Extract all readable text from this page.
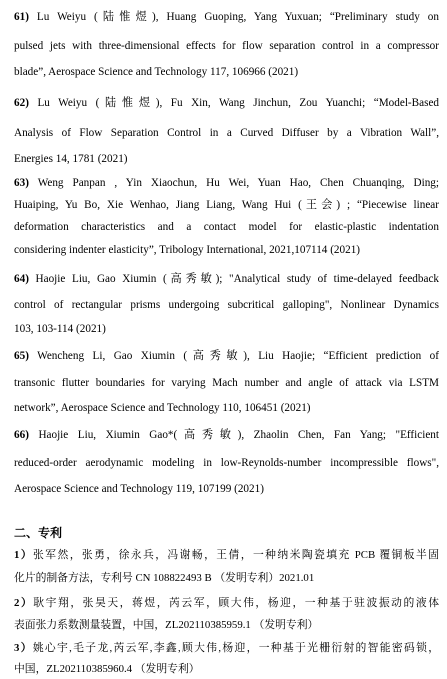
61) Lu Weiyu (陆惟煜), Huang Guoping, Yang Yuxuan; “Preliminary study on
pulsed jets with three-dimensional effects for flow separation control in a compressor
blade”, Aerospace Science and Technology 117, 106966 (2021)
62) Lu Weiyu (陆惟煜), Fu Xin, Wang Jinchun, Zou Yuanchi; “Model-Based
Analysis of Flow Separation Control in a Curved Diffuser by a Vibration Wall”,
Energies 14, 1781 (2021)
63) Weng Panpan , Yin Xiaochun, Hu Wei, Yuan Hao, Chen Chuanqing, Ding;
Huaiping, Yu Bo, Xie Wenhao, Jiang Liang, Wang Hui (王会) ; “Piecewise linear
deformation characteristics and a contact model for elastic-plastic indentation
considering indenter elasticity”, Tribology International, 2021,107114 (2021)
64) Haojie Liu, Gao Xiumin (高秀敏); "Analytical study of time-delayed feedback
control of rectangular prisms undergoing subcritical galloping", Nonlinear Dynamics
103, 103-114 (2021)
65) Wencheng Li, Gao Xiumin (高秀敏), Liu Haojie; “Efficient prediction of
transonic flutter boundaries for varying Mach number and angle of attack via LSTM
network”, Aerospace Science and Technology 110, 106451 (2021)
66) Haojie Liu, Xiumin Gao*(高秀敏), Zhaolin Chen, Fan Yang; "Efficient
reduced-order aerodynamic modeling in low-Reynolds-number incompressible flows",
Aerospace Science and Technology 119, 107199 (2021)
二、专利
1）张军然，张勇，徐永兵，冯谢畅，王倩，一种纳米陶瓷填充 PCB 覆铜板半固
化片的制备方法，专利号 CN 108822493 B （发明专利）2021.01
2）耿宇翔，张昊天，蒋煜，芮云军，顾大伟，杨迎，一种基于驻波振动的液体
表面张力系数测量装置，中国，ZL202110385959.1 （发明专利）
3）姚心宇,毛子龙,芮云军,李鑫,顾大伟,杨迎，一种基于光栅衍射的智能密码锁，
中国，ZL202110385960.4 （发明专利）
